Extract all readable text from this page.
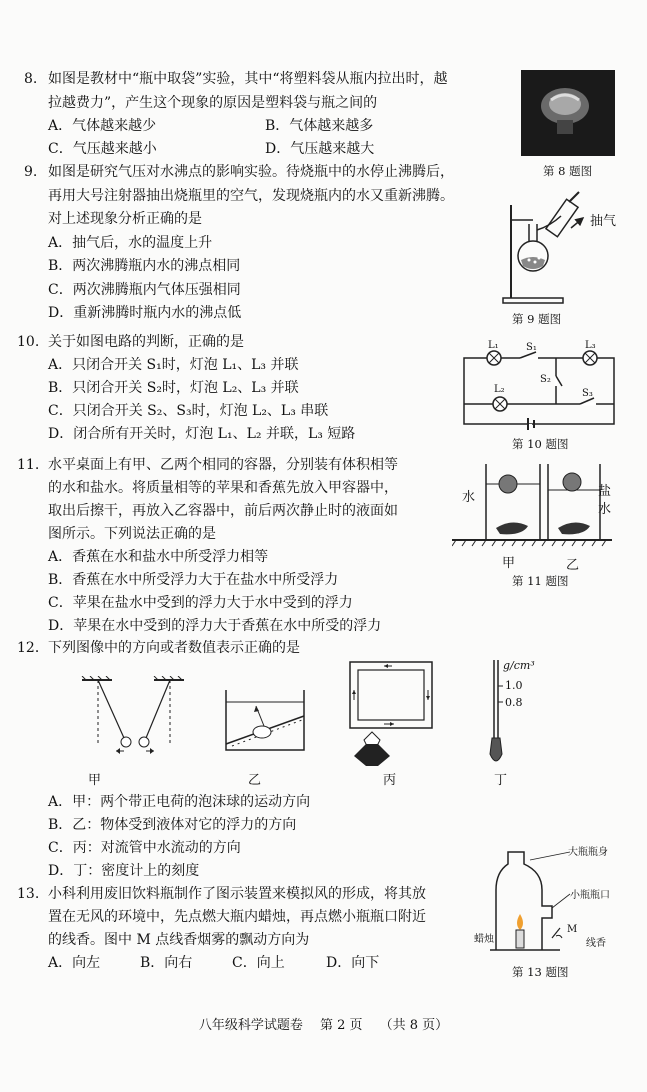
8. 如图是教材中“瓶中取袋”实验，其中“将塑料袋从瓶内拉出时，越
拉越费力”，产生这个现象的原因是塑料袋与瓶之间的
A．气体越来越少	B．气体越来越多
C．气压越来越小	D．气压越来越大
第 8 题图
9. 如图是研究气压对水沸点的影响实验。待烧瓶中的水停止沸腾后，
再用大号注射器抽出烧瓶里的空气，发现烧瓶内的水又重新沸腾。
对上述现象分析正确的是
A．抽气后，水的温度上升
B．两次沸腾瓶内水的沸点相同
C．两次沸腾瓶内气体压强相同
D．重新沸腾时瓶内水的沸点低
抽气
第 9 题图
10. 关于如图电路的判断，正确的是
A．只闭合开关 S₁时，灯泡 L₁、L₃ 并联
B．只闭合开关 S₂时，灯泡 L₂、L₃ 并联
C．只闭合开关 S₂、S₃时，灯泡 L₂、L₃ 串联
D．闭合所有开关时，灯泡 L₁、L₂ 并联，L₃ 短路
L₁	S₁	L₃
S₂
L₂	S₃
第 10 题图
11. 水平桌面上有甲、乙两个相同的容器，分别装有体积相等
的水和盐水。将质量相等的苹果和香蕉先放入甲容器中，
取出后擦干，再放入乙容器中，前后两次静止时的液面如
图所示。下列说法正确的是
A．香蕉在水和盐水中所受浮力相等
B．香蕉在水中所受浮力大于在盐水中所受浮力
C．苹果在盐水中受到的浮力大于水中受到的浮力
D．苹果在水中受到的浮力大于香蕉在水中所受的浮力
水	盐
水
甲	乙
第 11 题图
12． 下列图像中的方向或者数值表示正确的是
g/cm³
1.0
0.8
甲	乙	丙	丁
A．甲：两个带正电荷的泡沫球的运动方向
B．乙：物体受到液体对它的浮力的方向
C．丙：对流管中水流动的方向
D．丁：密度计上的刻度
13. 小科利用废旧饮料瓶制作了图示装置来模拟风的形成，将其放
置在无风的环境中，先点燃大瓶内蜡烛，再点燃小瓶瓶口附近
的线香。图中 M 点线香烟雾的飘动方向为
A．向左	B．向右	C．向上	D．向下
大瓶瓶身
小瓶瓶口
蜡烛
M
线香
第 13 题图
八年级科学试题卷　 第 2 页　 （共 8 页）
